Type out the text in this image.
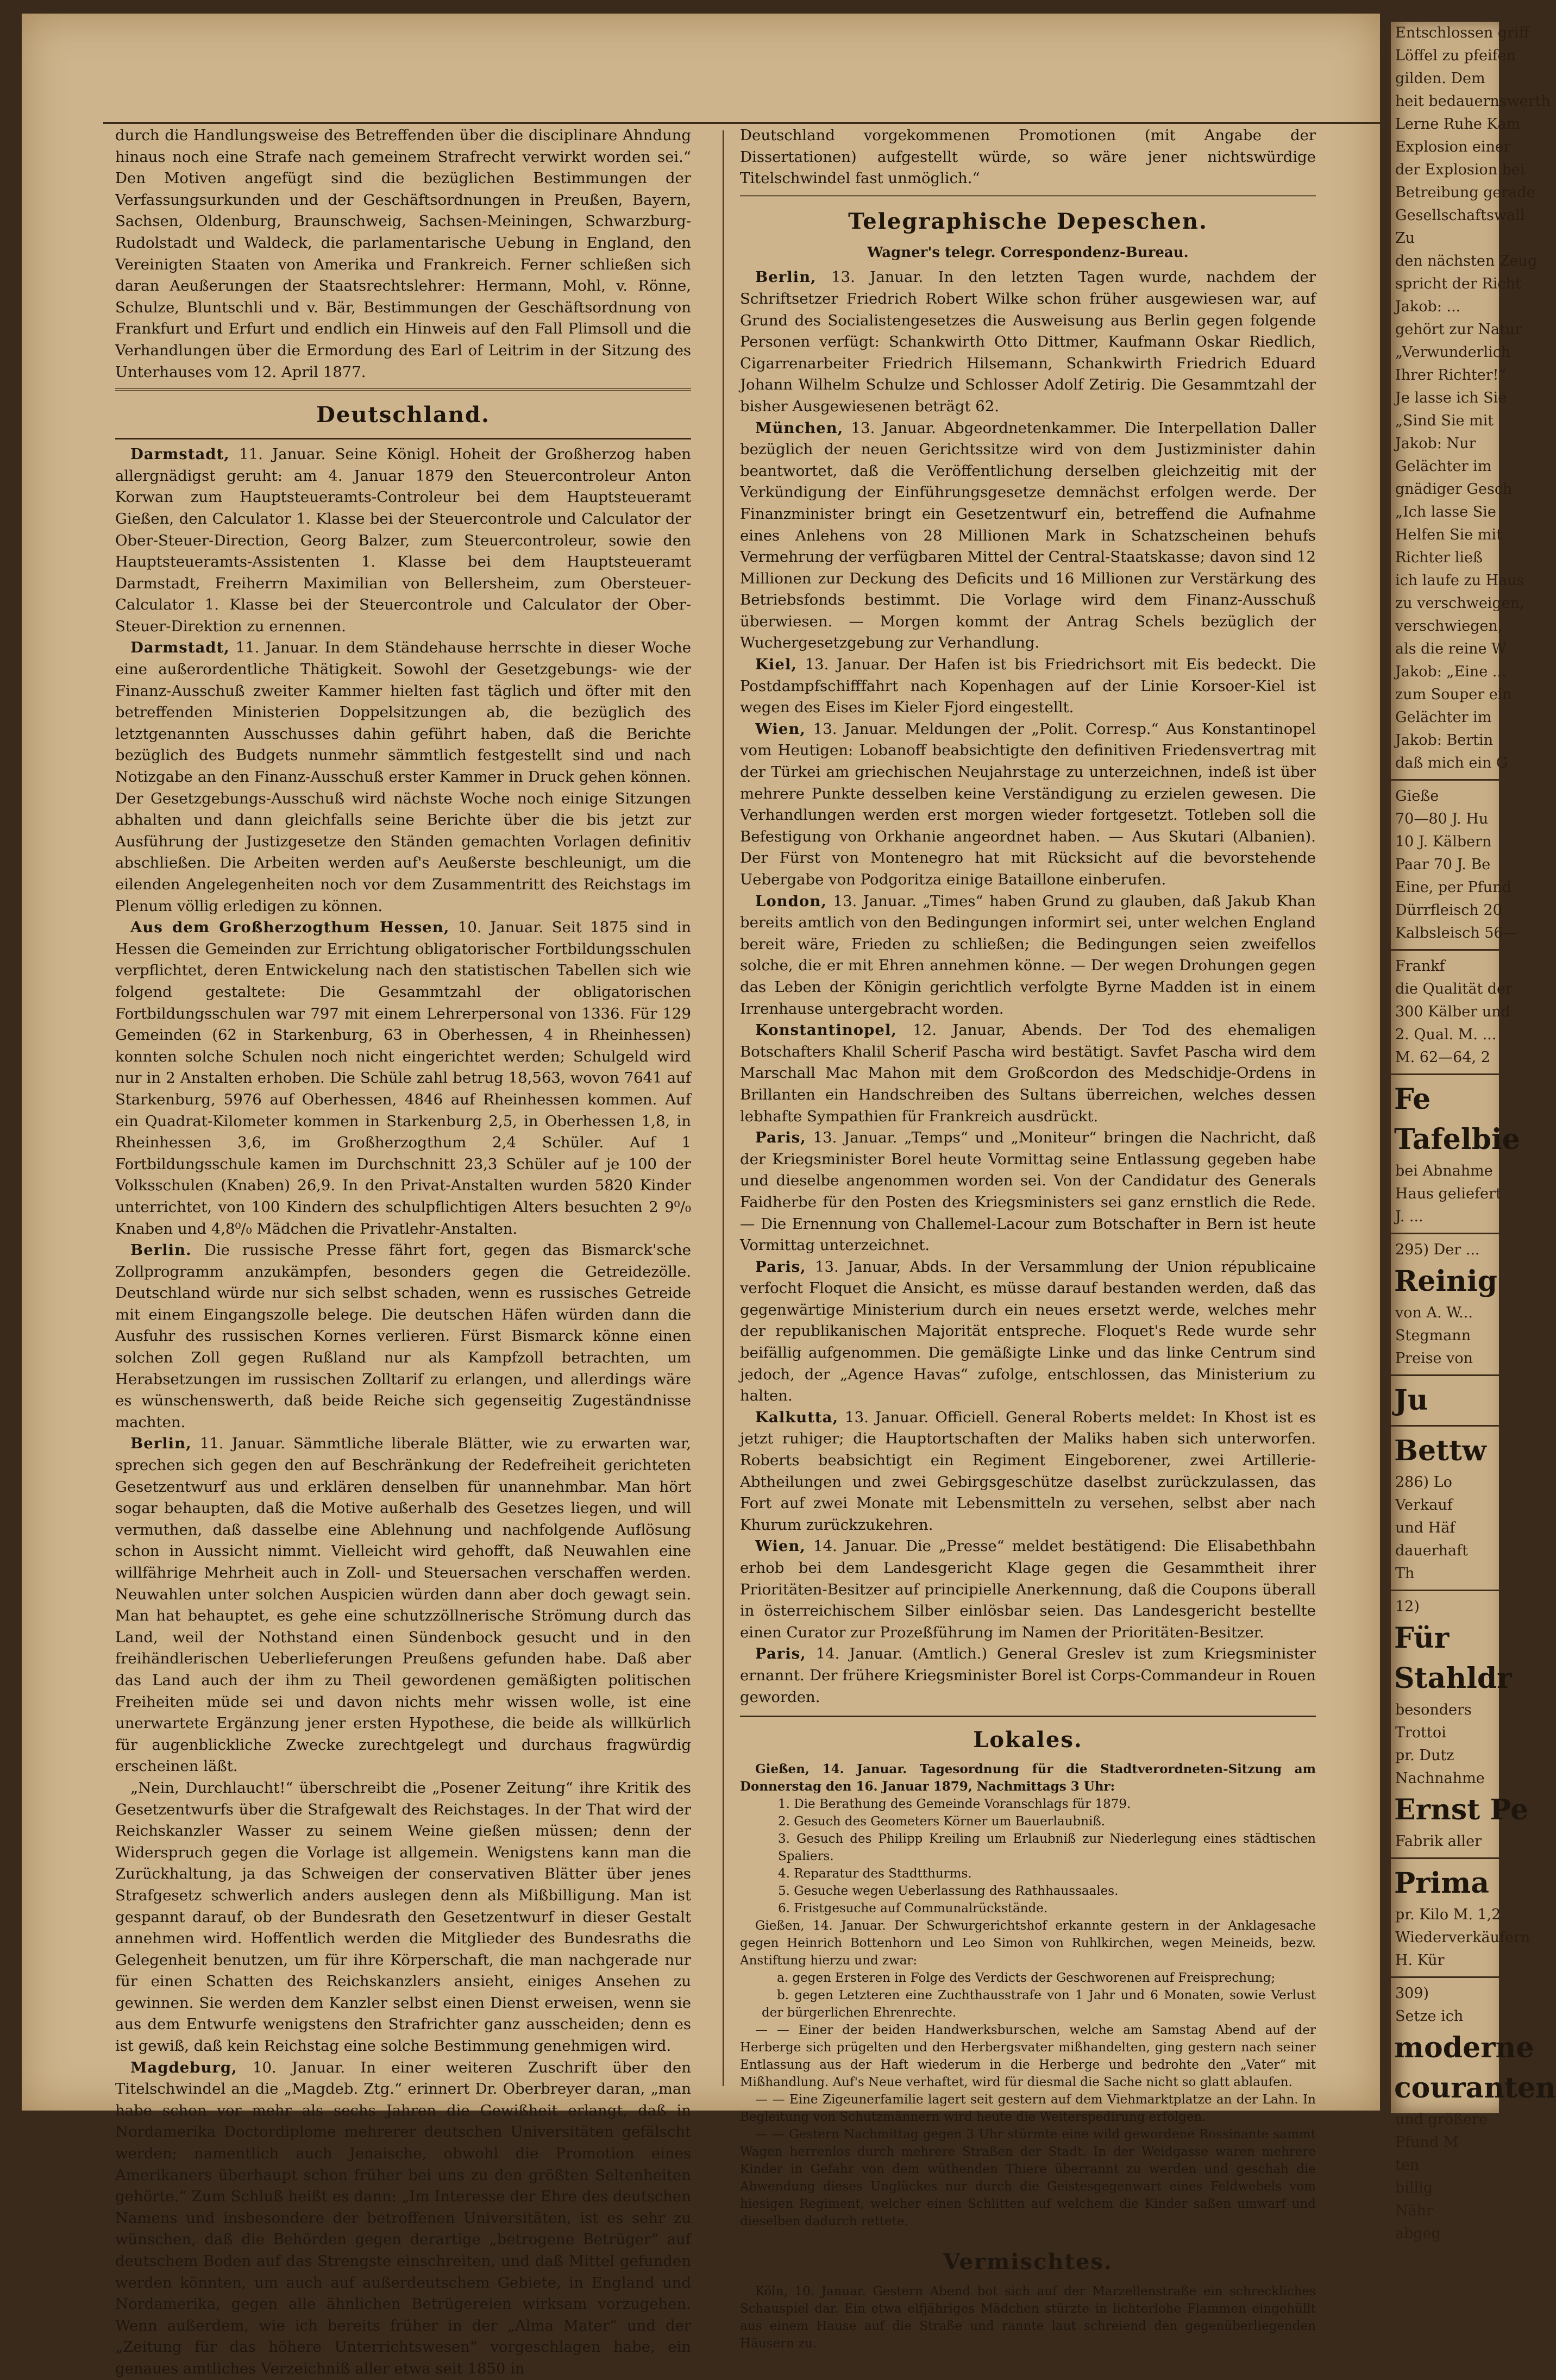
durch die Handlungsweise des Betreffenden über die disciplinare Ahndung hinaus noch eine Strafe nach gemeinem Strafrecht verwirkt worden sei.“ Den Motiven angefügt sind die bezüglichen Bestimmungen der Verfassungsurkunden und der Geschäftsordnungen in Preußen, Bayern, Sachsen, Oldenburg, Braunschweig, Sachsen-Meiningen, Schwarzburg-Rudolstadt und Waldeck, die parlamentarische Uebung in England, den Vereinigten Staaten von Amerika und Frankreich. Ferner schließen sich daran Aeußerungen der Staatsrechtslehrer: Hermann, Mohl, v. Rönne, Schulze, Bluntschli und v. Bär, Bestimmungen der Geschäftsordnung von Frankfurt und Erfurt und endlich ein Hinweis auf den Fall Plimsoll und die Verhandlungen über die Ermordung des Earl of Leitrim in der Sitzung des Unterhauses vom 12. April 1877.

Deutschland.

Darmstadt, 11. Januar. Seine Königl. Hoheit der Großherzog haben allergnädigst geruht: am 4. Januar 1879 den Steuercontroleur Anton Korwan zum Hauptsteueramts-Controleur bei dem Hauptsteueramt Gießen, den Calculator 1. Klasse bei der Steuercontrole und Calculator der Ober-Steuer-Direction, Georg Balzer, zum Steuercontroleur, sowie den Hauptsteueramts-Assistenten 1. Klasse bei dem Hauptsteueramt Darmstadt, Freiherrn Maximilian von Bellersheim, zum Obersteuer-Calculator 1. Klasse bei der Steuercontrole und Calculator der Ober-Steuer-Direktion zu ernennen.

Darmstadt, 11. Januar. In dem Ständehause herrschte in dieser Woche eine außerordentliche Thätigkeit. Sowohl der Gesetzgebungs- wie der Finanz-Ausschuß zweiter Kammer hielten fast täglich und öfter mit den betreffenden Ministerien Doppelsitzungen ab, die bezüglich des letztgenannten Ausschusses dahin geführt haben, daß die Berichte bezüglich des Budgets nunmehr sämmtlich festgestellt sind und nach Notizgabe an den Finanz-Ausschuß erster Kammer in Druck gehen können. Der Gesetzgebungs-Ausschuß wird nächste Woche noch einige Sitzungen abhalten und dann gleichfalls seine Berichte über die bis jetzt zur Ausführung der Justizgesetze den Ständen gemachten Vorlagen definitiv abschließen. Die Arbeiten werden auf's Aeußerste beschleunigt, um die eilenden Angelegenheiten noch vor dem Zusammentritt des Reichstags im Plenum völlig erledigen zu können.

Aus dem Großherzogthum Hessen, 10. Januar. Seit 1875 sind in Hessen die Gemeinden zur Errichtung obligatorischer Fortbildungsschulen verpflichtet, deren Entwickelung nach den statistischen Tabellen sich wie folgend gestaltete: Die Gesammtzahl der obligatorischen Fortbildungsschulen war 797 mit einem Lehrerpersonal von 1336. Für 129 Gemeinden (62 in Starkenburg, 63 in Oberhessen, 4 in Rheinhessen) konnten solche Schulen noch nicht eingerichtet werden; Schulgeld wird nur in 2 Anstalten erhoben. Die Schüle zahl betrug 18,563, wovon 7641 auf Starkenburg, 5976 auf Oberhessen, 4846 auf Rheinhessen kommen. Auf ein Quadrat-Kilometer kommen in Starkenburg 2,5, in Oberhessen 1,8, in Rheinhessen 3,6, im Großherzogthum 2,4 Schüler. Auf 1 Fortbildungsschule kamen im Durchschnitt 23,3 Schüler auf je 100 der Volksschulen (Knaben) 26,9. In den Privat-Anstalten wurden 5820 Kinder unterrichtet, von 100 Kindern des schulpflichtigen Alters besuchten 2 9⁰/₀ Knaben und 4,8⁰/₀ Mädchen die Privatlehr-Anstalten.

Berlin. Die russische Presse fährt fort, gegen das Bismarck'sche Zollprogramm anzukämpfen, besonders gegen die Getreidezölle. Deutschland würde nur sich selbst schaden, wenn es russisches Getreide mit einem Eingangszolle belege. Die deutschen Häfen würden dann die Ausfuhr des russischen Kornes verlieren. Fürst Bismarck könne einen solchen Zoll gegen Rußland nur als Kampfzoll betrachten, um Herabsetzungen im russischen Zolltarif zu erlangen, und allerdings wäre es wünschenswerth, daß beide Reiche sich gegenseitig Zugeständnisse machten.

Berlin, 11. Januar. Sämmtliche liberale Blätter, wie zu erwarten war, sprechen sich gegen den auf Beschränkung der Redefreiheit gerichteten Gesetzentwurf aus und erklären denselben für unannehmbar. Man hört sogar behaupten, daß die Motive außerhalb des Gesetzes liegen, und will vermuthen, daß dasselbe eine Ablehnung und nachfolgende Auflösung schon in Aussicht nimmt. Vielleicht wird gehofft, daß Neuwahlen eine willfährige Mehrheit auch in Zoll- und Steuersachen verschaffen werden. Neuwahlen unter solchen Auspicien würden dann aber doch gewagt sein. Man hat behauptet, es gehe eine schutzzöllnerische Strömung durch das Land, weil der Nothstand einen Sündenbock gesucht und in den freihändlerischen Ueberlieferungen Preußens gefunden habe. Daß aber das Land auch der ihm zu Theil gewordenen gemäßigten politischen Freiheiten müde sei und davon nichts mehr wissen wolle, ist eine unerwartete Ergänzung jener ersten Hypothese, die beide als willkürlich für augenblickliche Zwecke zurechtgelegt und durchaus fragwürdig erscheinen läßt.

„Nein, Durchlaucht!“ überschreibt die „Posener Zeitung“ ihre Kritik des Gesetzentwurfs über die Strafgewalt des Reichstages. In der That wird der Reichskanzler Wasser zu seinem Weine gießen müssen; denn der Widerspruch gegen die Vorlage ist allgemein. Wenigstens kann man die Zurückhaltung, ja das Schweigen der conservativen Blätter über jenes Strafgesetz schwerlich anders auslegen denn als Mißbilligung. Man ist gespannt darauf, ob der Bundesrath den Gesetzentwurf in dieser Gestalt annehmen wird. Hoffentlich werden die Mitglieder des Bundesraths die Gelegenheit benutzen, um für ihre Körperschaft, die man nachgerade nur für einen Schatten des Reichskanzlers ansieht, einiges Ansehen zu gewinnen. Sie werden dem Kanzler selbst einen Dienst erweisen, wenn sie aus dem Entwurfe wenigstens den Strafrichter ganz ausscheiden; denn es ist gewiß, daß kein Reichstag eine solche Bestimmung genehmigen wird.

Magdeburg, 10. Januar. In einer weiteren Zuschrift über den Titelschwindel an die „Magdeb. Ztg.“ erinnert Dr. Oberbreyer daran, „man habe schon vor mehr als sechs Jahren die Gewißheit erlangt, daß in Nordamerika Doctordiplome mehrerer deutschen Universitäten gefälscht werden; namentlich auch Jenaische, obwohl die Promotion eines Amerikaners überhaupt schon früher bei uns zu den größten Seltenheiten gehörte.“ Zum Schluß heißt es dann: „Im Interesse der Ehre des deutschen Namens und insbesondere der betroffenen Universitäten, ist es sehr zu wünschen, daß die Behörden gegen derartige „betrogene Betrüger“ auf deutschem Boden auf das Strengste einschreiten, und daß Mittel gefunden werden könnten, um auch auf außerdeutschem Gebiete, in England und Nordamerika, gegen alle ähnlichen Betrügereien wirksam vorzugehen. Wenn außerdem, wie ich bereits früher in der „Alma Mater“ und der „Zeitung für das höhere Unterrichtswesen“ vorgeschlagen habe, ein genaues amtliches Verzeichniß aller etwa seit 1850 in

Deutschland vorgekommenen Promotionen (mit Angabe der Dissertationen) aufgestellt würde, so wäre jener nichtswürdige Titelschwindel fast unmöglich.“

Telegraphische Depeschen.
Wagner's telegr. Correspondenz-Bureau.

Berlin, 13. Januar. In den letzten Tagen wurde, nachdem der Schriftsetzer Friedrich Robert Wilke schon früher ausgewiesen war, auf Grund des Socialistengesetzes die Ausweisung aus Berlin gegen folgende Personen verfügt: Schankwirth Otto Dittmer, Kaufmann Oskar Riedlich, Cigarrenarbeiter Friedrich Hilsemann, Schankwirth Friedrich Eduard Johann Wilhelm Schulze und Schlosser Adolf Zetirig. Die Gesammtzahl der bisher Ausgewiesenen beträgt 62.

München, 13. Januar. Abgeordnetenkammer. Die Interpellation Daller bezüglich der neuen Gerichtssitze wird von dem Justizminister dahin beantwortet, daß die Veröffentlichung derselben gleichzeitig mit der Verkündigung der Einführungsgesetze demnächst erfolgen werde. Der Finanzminister bringt ein Gesetzentwurf ein, betreffend die Aufnahme eines Anlehens von 28 Millionen Mark in Schatzscheinen behufs Vermehrung der verfügbaren Mittel der Central-Staatskasse; davon sind 12 Millionen zur Deckung des Deficits und 16 Millionen zur Verstärkung des Betriebsfonds bestimmt. Die Vorlage wird dem Finanz-Ausschuß überwiesen. — Morgen kommt der Antrag Schels bezüglich der Wuchergesetzgebung zur Verhandlung.

Kiel, 13. Januar. Der Hafen ist bis Friedrichsort mit Eis bedeckt. Die Postdampfschifffahrt nach Kopenhagen auf der Linie Korsoer-Kiel ist wegen des Eises im Kieler Fjord eingestellt.

Wien, 13. Januar. Meldungen der „Polit. Corresp.“ Aus Konstantinopel vom Heutigen: Lobanoff beabsichtigte den definitiven Friedensvertrag mit der Türkei am griechischen Neujahrstage zu unterzeichnen, indeß ist über mehrere Punkte desselben keine Verständigung zu erzielen gewesen. Die Verhandlungen werden erst morgen wieder fortgesetzt. Totleben soll die Befestigung von Orkhanie angeordnet haben. — Aus Skutari (Albanien). Der Fürst von Montenegro hat mit Rücksicht auf die bevorstehende Uebergabe von Podgoritza einige Bataillone einberufen.

London, 13. Januar. „Times“ haben Grund zu glauben, daß Jakub Khan bereits amtlich von den Bedingungen informirt sei, unter welchen England bereit wäre, Frieden zu schließen; die Bedingungen seien zweifellos solche, die er mit Ehren annehmen könne. — Der wegen Drohungen gegen das Leben der Königin gerichtlich verfolgte Byrne Madden ist in einem Irrenhause untergebracht worden.

Konstantinopel, 12. Januar, Abends. Der Tod des ehemaligen Botschafters Khalil Scherif Pascha wird bestätigt. Savfet Pascha wird dem Marschall Mac Mahon mit dem Großcordon des Medschidje-Ordens in Brillanten ein Handschreiben des Sultans überreichen, welches dessen lebhafte Sympathien für Frankreich ausdrückt.

Paris, 13. Januar. „Temps“ und „Moniteur“ bringen die Nachricht, daß der Kriegsminister Borel heute Vormittag seine Entlassung gegeben habe und dieselbe angenommen worden sei. Von der Candidatur des Generals Faidherbe für den Posten des Kriegsministers sei ganz ernstlich die Rede. — Die Ernennung von Challemel-Lacour zum Botschafter in Bern ist heute Vormittag unterzeichnet.

Paris, 13. Januar, Abds. In der Versammlung der Union républicaine verfocht Floquet die Ansicht, es müsse darauf bestanden werden, daß das gegenwärtige Ministerium durch ein neues ersetzt werde, welches mehr der republikanischen Majorität entspreche. Floquet's Rede wurde sehr beifällig aufgenommen. Die gemäßigte Linke und das linke Centrum sind jedoch, der „Agence Havas“ zufolge, entschlossen, das Ministerium zu halten.

Kalkutta, 13. Januar. Officiell. General Roberts meldet: In Khost ist es jetzt ruhiger; die Hauptortschaften der Maliks haben sich unterworfen. Roberts beabsichtigt ein Regiment Eingeborener, zwei Artillerie-Abtheilungen und zwei Gebirgsgeschütze daselbst zurückzulassen, das Fort auf zwei Monate mit Lebensmitteln zu versehen, selbst aber nach Khurum zurückzukehren.

Wien, 14. Januar. Die „Presse“ meldet bestätigend: Die Elisabethbahn erhob bei dem Landesgericht Klage gegen die Gesammtheit ihrer Prioritäten-Besitzer auf principielle Anerkennung, daß die Coupons überall in österreichischem Silber einlösbar seien. Das Landesgericht bestellte einen Curator zur Prozeßführung im Namen der Prioritäten-Besitzer.

Paris, 14. Januar. (Amtlich.) General Greslev ist zum Kriegsminister ernannt. Der frühere Kriegsminister Borel ist Corps-Commandeur in Rouen geworden.

Lokales.

Gießen, 14. Januar. Tagesordnung für die Stadtverordneten-Sitzung am Donnerstag den 16. Januar 1879, Nachmittags 3 Uhr:

1. Die Berathung des Gemeinde Voranschlags für 1879.
2. Gesuch des Geometers Körner um Bauerlaubniß.
3. Gesuch des Philipp Kreiling um Erlaubniß zur Niederlegung eines städtischen Spaliers.
4. Reparatur des Stadtthurms.
5. Gesuche wegen Ueberlassung des Rathhaussaales.
6. Fristgesuche auf Communalrückstände.

Gießen, 14. Januar. Der Schwurgerichtshof erkannte gestern in der Anklagesache gegen Heinrich Bottenhorn und Leo Simon von Ruhlkirchen, wegen Meineids, bezw. Anstiftung hierzu und zwar:

a. gegen Ersteren in Folge des Verdicts der Geschworenen auf Freisprechung;

b. gegen Letzteren eine Zuchthausstrafe von 1 Jahr und 6 Monaten, sowie Verlust der bürgerlichen Ehrenrechte.

— — Einer der beiden Handwerksburschen, welche am Samstag Abend auf der Herberge sich prügelten und den Herbergsvater mißhandelten, ging gestern nach seiner Entlassung aus der Haft wiederum in die Herberge und bedrohte den „Vater“ mit Mißhandlung. Auf's Neue verhaftet, wird für diesmal die Sache nicht so glatt ablaufen.

— — Eine Zigeunerfamilie lagert seit gestern auf dem Viehmarktplatze an der Lahn. In Begleitung von Schutzmännern wird heute die Weiterspedirung erfolgen.

— — Gestern Nachmittag gegen 3 Uhr stürmte eine wild gewordene Rossinante sammt Wagen herrenlos durch mehrere Straßen der Stadt. In der Weidgasse waren mehrere Kinder in Gefahr von dem wüthenden Thiere überrannt zu werden und geschah die Abwendung dieses Unglückes nur durch die Geistesgegenwart eines Feldwebels vom hiesigen Regiment, welcher einen Schlitten auf welchem die Kinder saßen umwarf und dieselben dadurch rettete.

Vermischtes.

Köln, 10. Januar. Gestern Abend bot sich auf der Marzellenstraße ein schreckliches Schauspiel dar. Ein etwa elfjähriges Mädchen stürzte in lichterlohe Flammen eingehüllt aus einem Hause auf die Straße und rannte laut schreiend den gegenüberliegenden Häusern zu.

Entschlossen griff
Löffel zu pfeifen
gilden. Dem
heit bedauernswerth
Lerne Ruhe Kam
Explosion einer
der Explosion bei
Betreibung gerade
Gesellschaftswall
Zu
den nächsten Zeug
spricht der Richt
Jakob: ...
gehört zur Natur
„Verwunderlich
Ihrer Richter!“
Je lasse ich Sie
„Sind Sie mit
Jakob: Nur
Gelächter im
gnädiger Gesch
„Ich lasse Sie
Helfen Sie mit
Richter ließ
ich laufe zu Haus
zu verschweigen,
verschwiegen,
als die reine W
Jakob: „Eine ...
zum Souper ein
Gelächter im
Jakob: Bertin
daß mich ein G
Gieße
70—80 J. Hu
10 J. Kälbern
Paar 70 J. Be
Eine, per Pfund
Dürrfleisch 20
Kalbsleisch 56—
Frankf
die Qualität der
300 Kälber und
2. Qual. M. ...
M. 62—64, 2
Fe
Tafelbie
bei Abnahme
Haus geliefert
J. ...
295) Der ...
Reinig
von A. W...
Stegmann
Preise von
Ju
Bettw
286) Lo
Verkauf
und Häf
dauerhaft
Th
12)
Für
Stahldr
besonders
Trottoi
pr. Dutz
Nachnahme
Ernst Pe
Fabrik aller
Prima
pr. Kilo M. 1,2
Wiederverkäufern
H. Kür
309)
Setze ich
moderne
couranten
und größere
Pfund M
ten
billig
Nähr
abgeg
